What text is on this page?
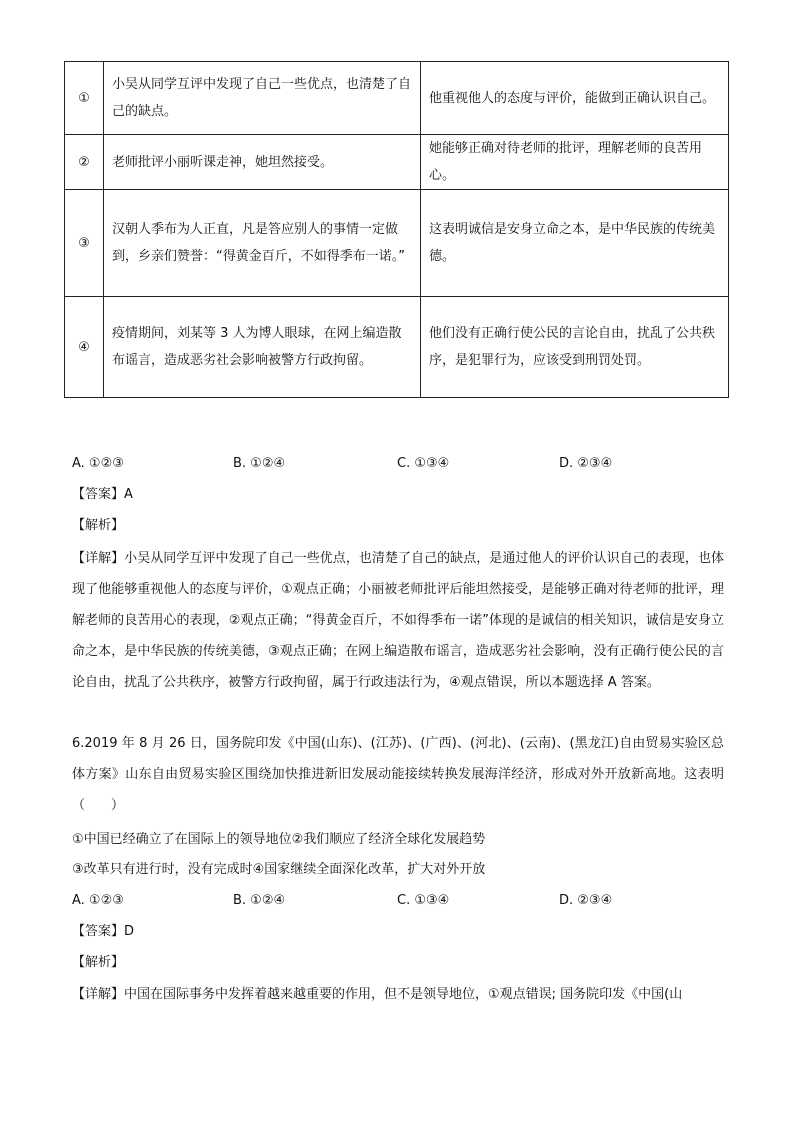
①	小吴从同学互评中发现了自己一些优点，也清楚了自己的缺点。	他重视他人的态度与评价，能做到正确认识自己。
②	老师批评小丽听课走神，她坦然接受。	她能够正确对待老师的批评，理解老师的良苦用心。
③	汉朝人季布为人正直，凡是答应别人的事情一定做到，乡亲们赞誉：“得黄金百斤，不如得季布一诺。”	这表明诚信是安身立命之本，是中华民族的传统美德。
④	疫情期间，刘某等 3 人为博人眼球，在网上编造散布谣言，造成恶劣社会影响被警方行政拘留。	他们没有正确行使公民的言论自由，扰乱了公共秩序，是犯罪行为，应该受到刑罚处罚。
A. ①②③	B. ①②④	C. ①③④	D. ②③④
【答案】A
【解析】
【详解】小吴从同学互评中发现了自己一些优点，也清楚了自己的缺点，是通过他人的评价认识自己的表现，也体现了他能够重视他人的态度与评价，①观点正确；小丽被老师批评后能坦然接受，是能够正确对待老师的批评，理解老师的良苦用心的表现，②观点正确；“得黄金百斤，不如得季布一诺”体现的是诚信的相关知识，诚信是安身立命之本，是中华民族的传统美德，③观点正确；在网上编造散布谣言，造成恶劣社会影响，没有正确行使公民的言论自由，扰乱了公共秩序，被警方行政拘留，属于行政违法行为，④观点错误，所以本题选择 A 答案。
6.2019 年 8 月 26 日，国务院印发《中国(山东)、(江苏)、(广西)、(河北)、(云南)、(黑龙江)自由贸易实验区总体方案》山东自由贸易实验区围绕加快推进新旧发展动能接续转换发展海洋经济，形成对外开放新高地。这表明（　　）
①中国已经确立了在国际上的领导地位②我们顺应了经济全球化发展趋势
③改革只有进行时，没有完成时④国家继续全面深化改革，扩大对外开放
A. ①②③	B. ①②④	C. ①③④	D. ②③④
【答案】D
【解析】
【详解】中国在国际事务中发挥着越来越重要的作用，但不是领导地位，①观点错误; 国务院印发《中国(山
